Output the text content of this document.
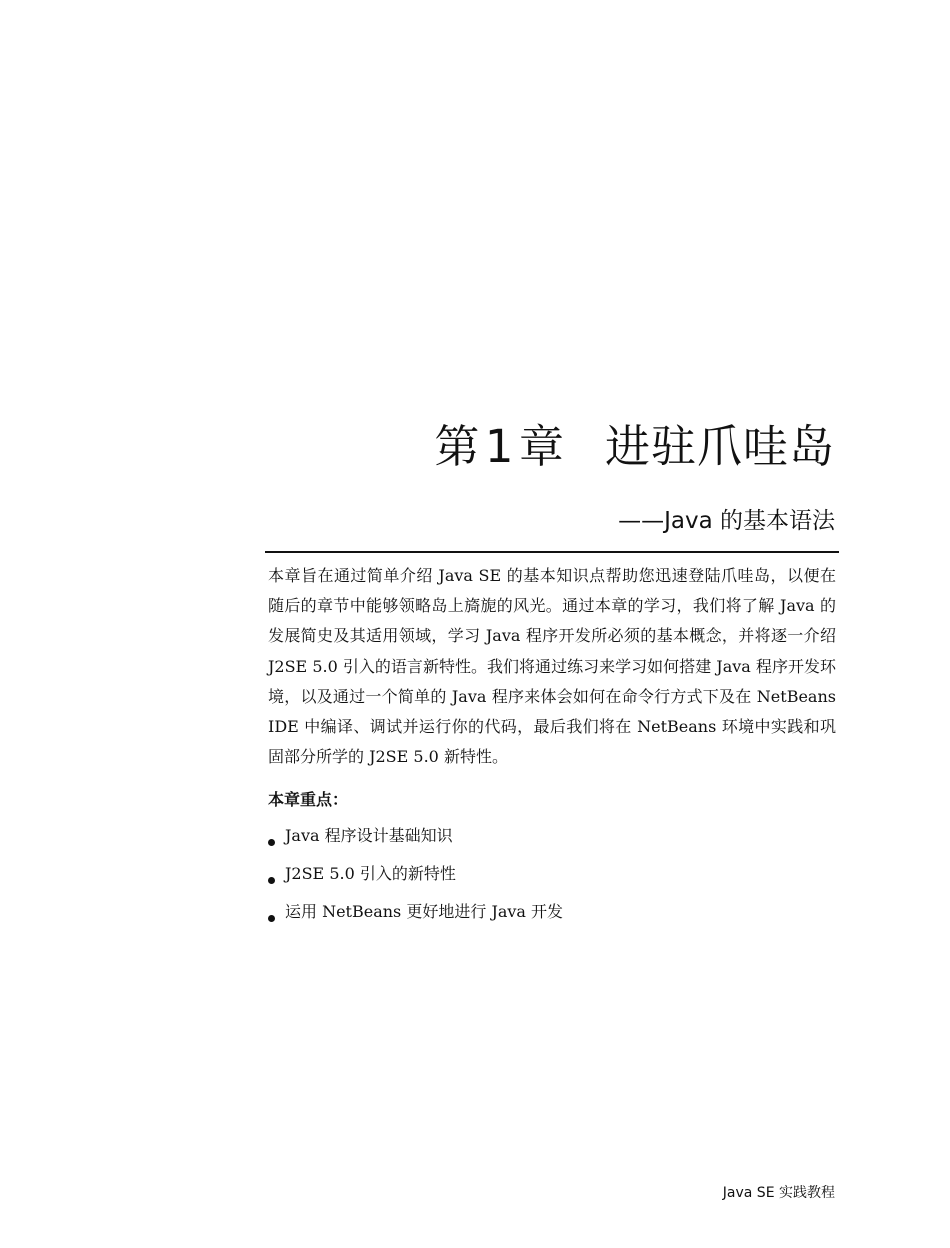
第 1 章 进驻爪哇岛
——Java 的基本语法

本章旨在通过简单介绍 Java SE 的基本知识点帮助您迅速登陆爪哇岛，以便在随后的章节中能够领略岛上旖旎的风光。通过本章的学习，我们将了解 Java 的发展简史及其适用领域，学习 Java 程序开发所必须的基本概念，并将逐一介绍 J2SE 5.0 引入的语言新特性。我们将通过练习来学习如何搭建 Java 程序开发环境，以及通过一个简单的 Java 程序来体会如何在命令行方式下及在 NetBeans IDE 中编译、调试并运行你的代码，最后我们将在 NetBeans 环境中实践和巩固部分所学的 J2SE 5.0 新特性。

本章重点：
Java 程序设计基础知识
J2SE 5.0 引入的新特性
运用 NetBeans 更好地进行 Java 开发
Java SE 实践教程
